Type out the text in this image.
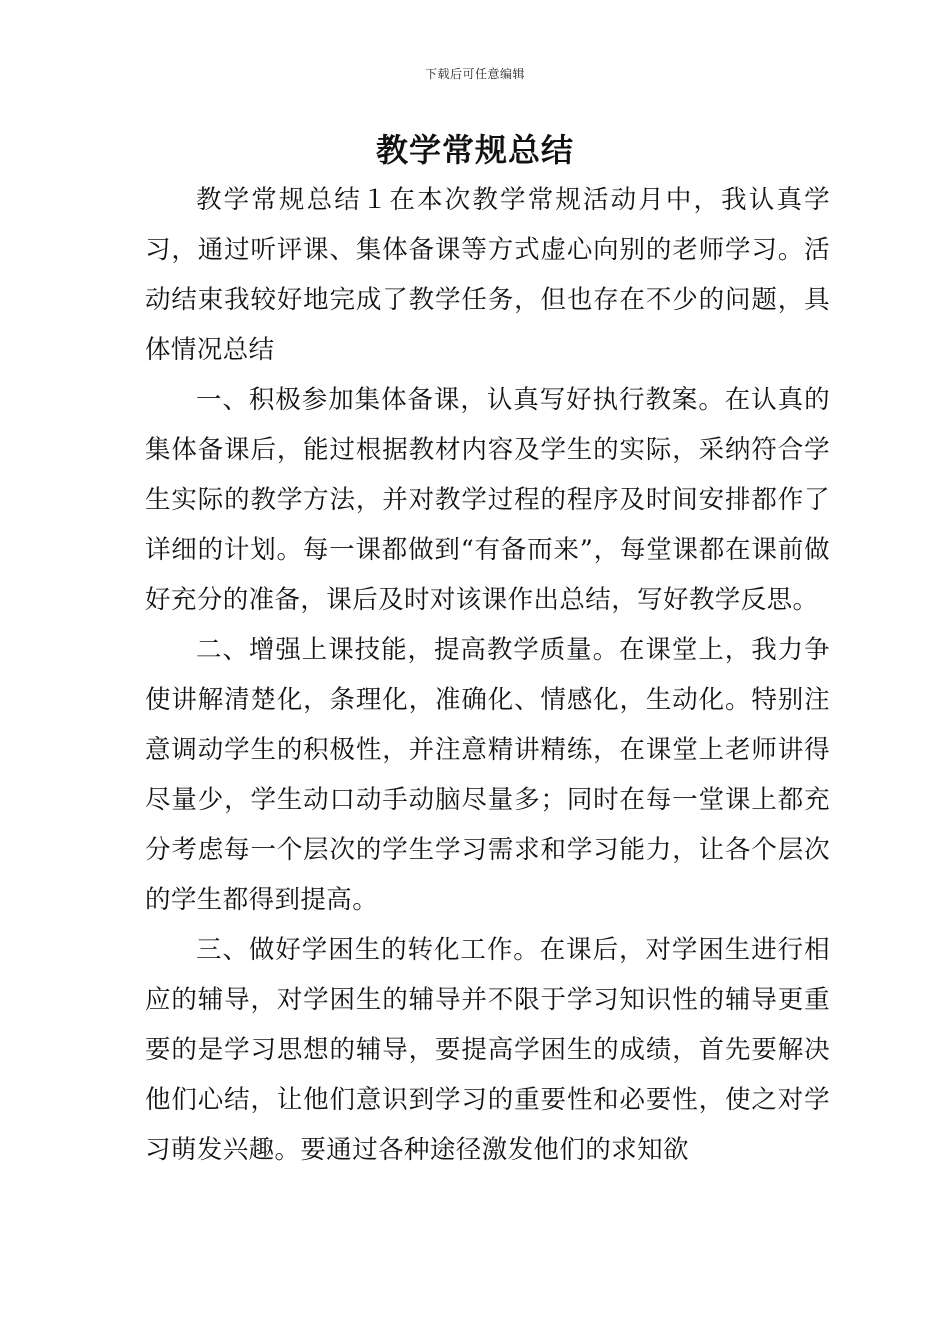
下载后可任意编辑
教学常规总结

教学常规总结１在本次教学常规活动月中，我认真学习，通过听评课、集体备课等方式虚心向别的老师学习。活动结束我较好地完成了教学任务，但也存在不少的问题，具体情况总结

一、积极参加集体备课，认真写好执行教案。在认真的集体备课后，能过根据教材内容及学生的实际，采纳符合学生实际的教学方法，并对教学过程的程序及时间安排都作了详细的计划。每一课都做到“有备而来”，每堂课都在课前做好充分的准备，课后及时对该课作出总结，写好教学反思。

二、增强上课技能，提高教学质量。在课堂上，我力争使讲解清楚化，条理化，准确化、情感化，生动化。特别注意调动学生的积极性，并注意精讲精练，在课堂上老师讲得尽量少，学生动口动手动脑尽量多；同时在每一堂课上都充分考虑每一个层次的学生学习需求和学习能力，让各个层次的学生都得到提高。

三、做好学困生的转化工作。在课后，对学困生进行相应的辅导，对学困生的辅导并不限于学习知识性的辅导更重要的是学习思想的辅导，要提高学困生的成绩，首先要解决他们心结，让他们意识到学习的重要性和必要性，使之对学习萌发兴趣。要通过各种途径激发他们的求知欲
